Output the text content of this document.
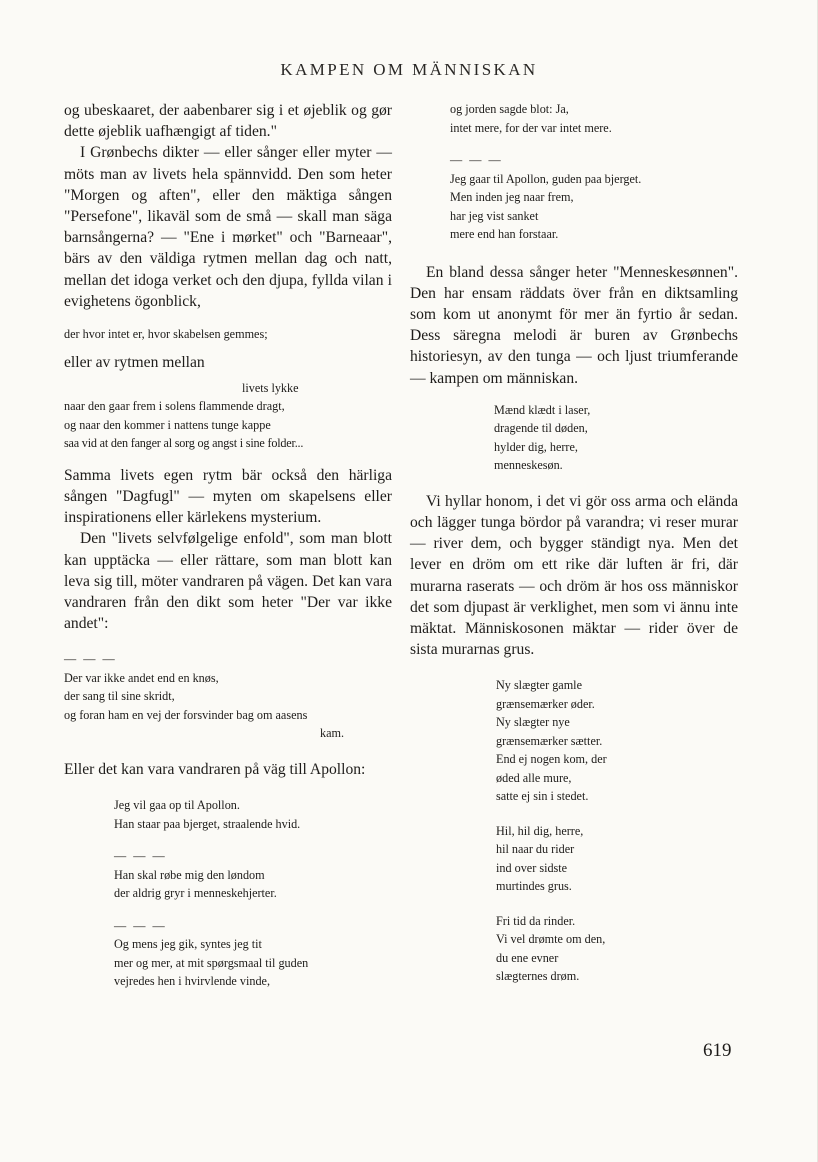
KAMPEN OM MÄNNISKAN

og ubeskaaret, der aabenbarer sig i et øjeblik og gør dette øjeblik uafhængigt af tiden."

I Grønbechs dikter — eller sånger eller myter — möts man av livets hela spännvidd. Den som heter "Morgen og aften", eller den mäktiga sången "Persefone", likaväl som de små — skall man säga barnsångerna? — "Ene i mørket" och "Barneaar", bärs av den väldiga rytmen mellan dag och natt, mellan det idoga verket och den djupa, fyllda vilan i evighetens ögonblick,

der hvor intet er, hvor skabelsen gemmes;

eller av rytmen mellan

livets lykke
naar den gaar frem i solens flammende dragt,
og naar den kommer i nattens tunge kappe
saa vid at den fanger al sorg og angst i sine folder...

Samma livets egen rytm bär också den härliga sången "Dagfugl" — myten om skapelsens eller inspirationens eller kärlekens mysterium.

Den "livets selvfølgelige enfold", som man blott kan upptäcka — eller rättare, som man blott kan leva sig till, möter vandraren på vägen. Det kan vara vandraren från den dikt som heter "Der var ikke andet":

— — —
Der var ikke andet end en knøs,
der sang til sine skridt,
og foran ham en vej der forsvinder bag om aasens
kam.

Eller det kan vara vandraren på väg till Apollon:

Jeg vil gaa op til Apollon.
Han staar paa bjerget, straalende hvid.
— — —
Han skal røbe mig den løndom
der aldrig gryr i menneskehjerter.
— — —
Og mens jeg gik, syntes jeg tit
mer og mer, at mit spørgsmaal til guden
vejredes hen i hvirvlende vinde,
og jorden sagde blot: Ja,
intet mere, for der var intet mere.
— — —
Jeg gaar til Apollon, guden paa bjerget.
Men inden jeg naar frem,
har jeg vist sanket
mere end han forstaar.

En bland dessa sånger heter "Menneskesønnen". Den har ensam räddats över från en diktsamling som kom ut anonymt för mer än fyrtio år sedan. Dess säregna melodi är buren av Grønbechs historiesyn, av den tunga — och ljust triumferande — kampen om människan.

Mænd klædt i laser,
dragende til døden,
hylder dig, herre,
menneskesøn.

Vi hyllar honom, i det vi gör oss arma och eländа och lägger tunga bördor på varandra; vi reser murar — river dem, och bygger ständigt nya. Men det lever en dröm om ett rike där luften är fri, där murarna raserats — och dröm är hos oss människor det som djupast är verklighet, men som vi ännu inte mäktat. Människosonen mäktar — rider över de sista murarnas grus.

Ny slægter gamle
grænsemærker øder.
Ny slægter nye
grænsemærker sætter.
End ej nogen kom, der
øded alle mure,
satte ej sin i stedet.
Hil, hil dig, herre,
hil naar du rider
ind over sidste
murtindes grus.
Fri tid da rinder.
Vi vel drømte om den,
du ene evner
slægternes drøm.
619
